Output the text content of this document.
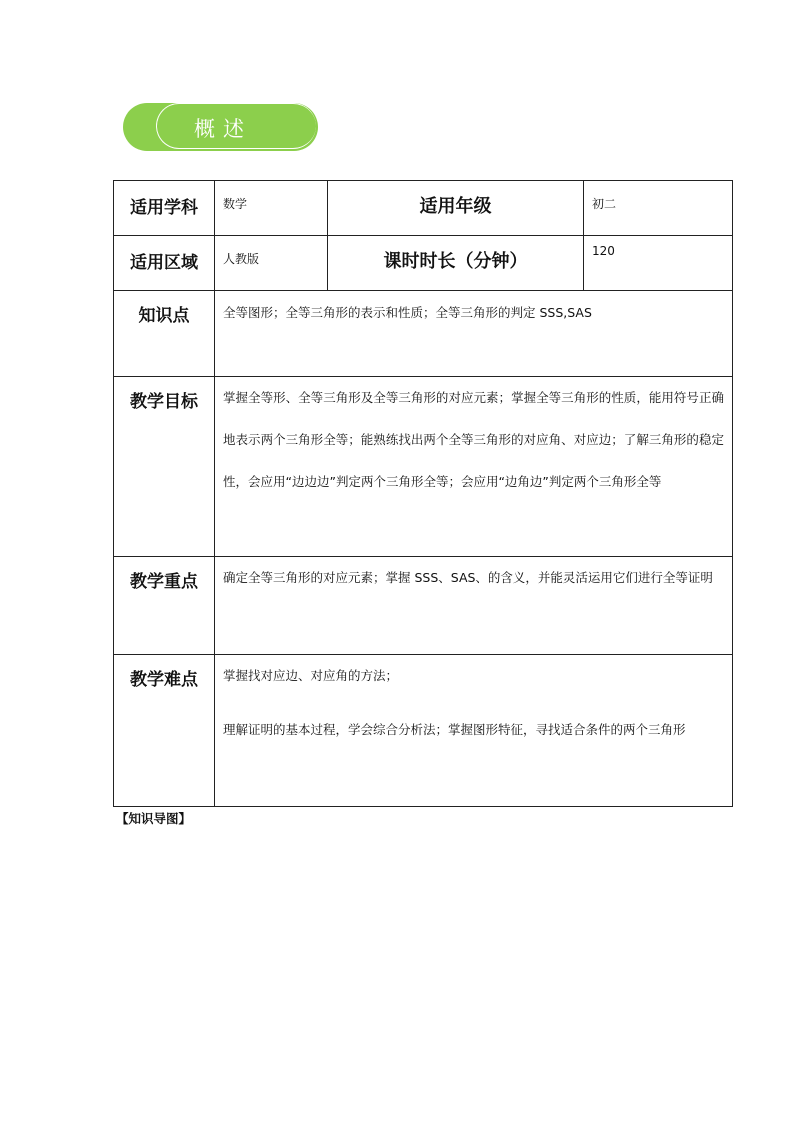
概述
适用学科	数学	适用年级	初二
适用区域	人教版	课时时长（分钟）	120
知识点	全等图形；全等三角形的表示和性质；全等三角形的判定 SSS,SAS		
教学目标	掌握全等形、全等三角形及全等三角形的对应元素；掌握全等三角形的性质，能用符号正确地表示两个三角形全等；能熟练找出两个全等三角形的对应角、对应边；了解三角形的稳定性，会应用“边边边”判定两个三角形全等；会应用“边角边”判定两个三角形全等		
教学重点	确定全等三角形的对应元素；掌握 SSS、SAS、的含义，并能灵活运用它们进行全等证明		
教学难点	掌握找对应边、对应角的方法；
理解证明的基本过程，学会综合分析法；掌握图形特征，寻找适合条件的两个三角形		
【知识导图】
